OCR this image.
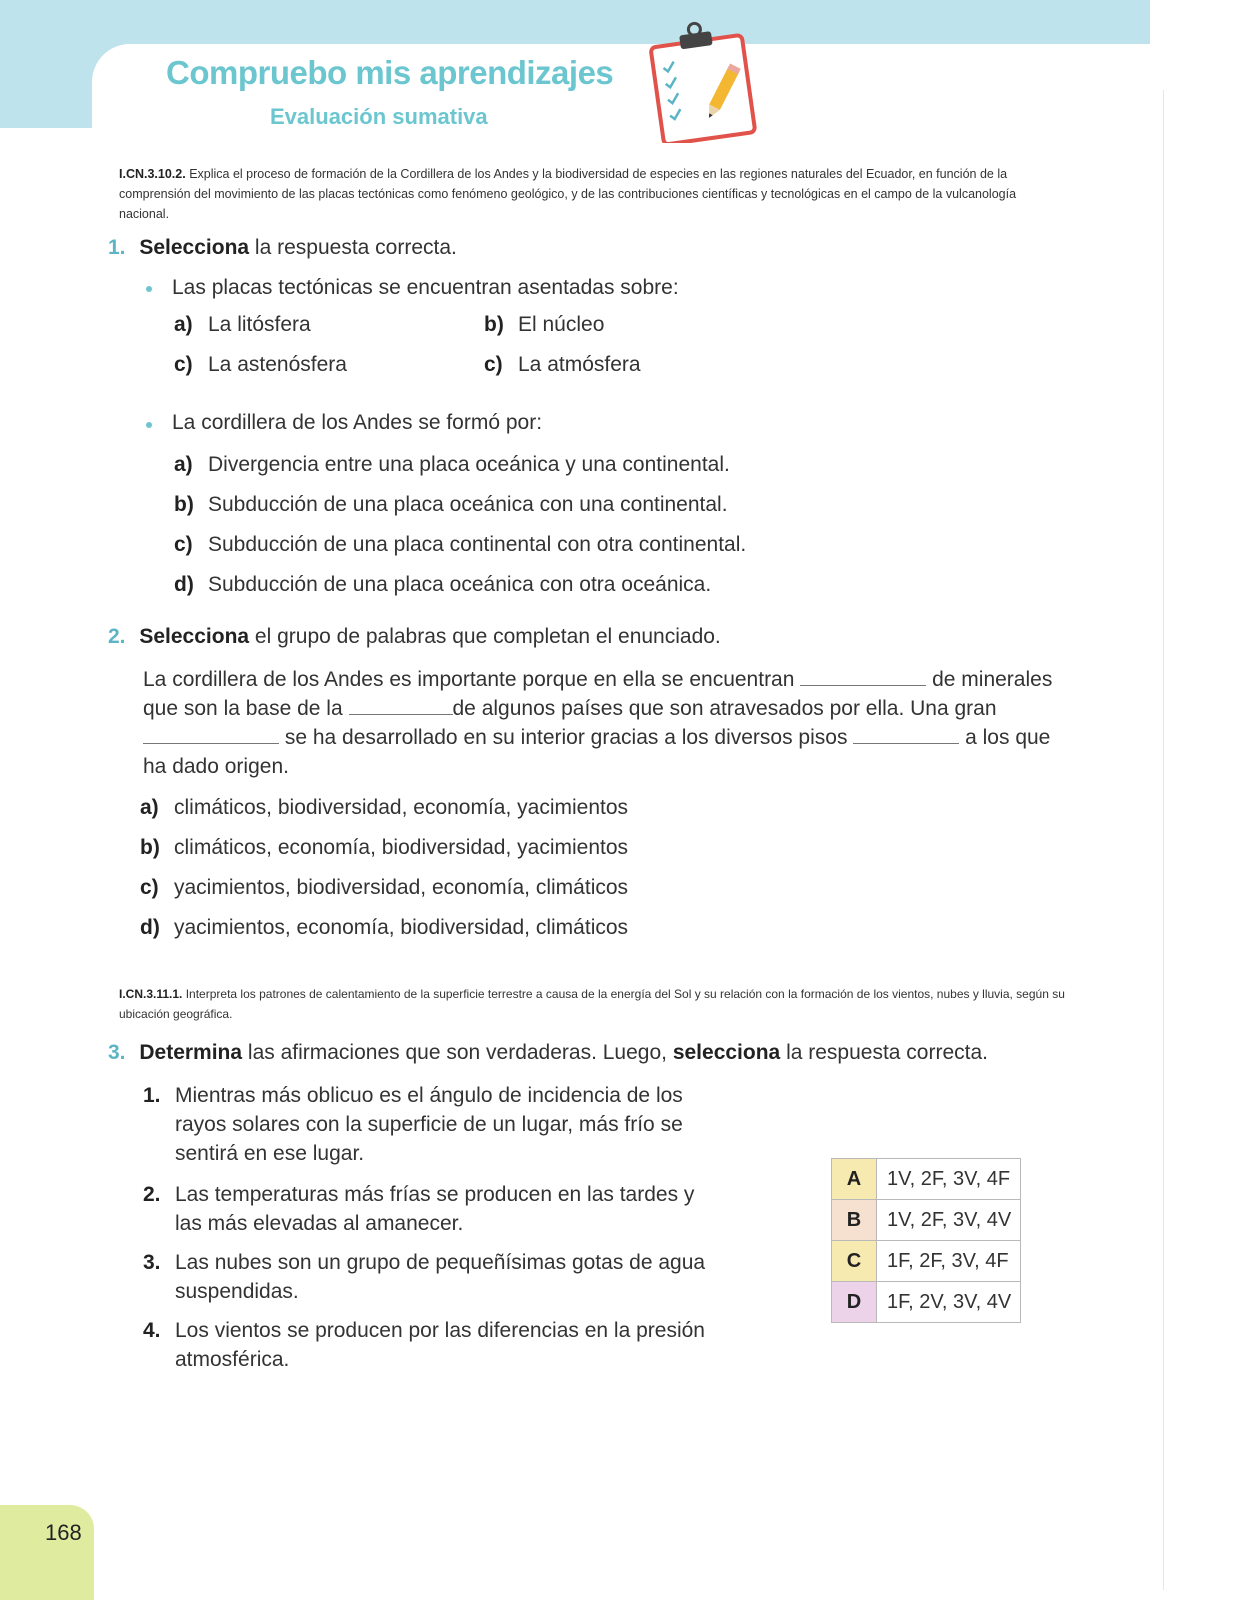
Compruebo mis aprendizajes
Evaluación sumativa
I.CN.3.10.2. Explica el proceso de formación de la Cordillera de los Andes y la biodiversidad de especies en las regiones naturales del Ecuador, en función de la comprensión del movimiento de las placas tectónicas como fenómeno geológico, y de las contribuciones científicas y tecnológicas en el campo de la vulcanología nacional.
1. Selecciona la respuesta correcta.
Las placas tectónicas se encuentran asentadas sobre:
a) La litósfera	b) El núcleo
c) La astenósfera	c) La atmósfera
La cordillera de los Andes se formó por:
a) Divergencia entre una placa oceánica y una continental.
b) Subducción de una placa oceánica con una continental.
c) Subducción de una placa continental con otra continental.
d) Subducción de una placa oceánica con otra oceánica.
2. Selecciona el grupo de palabras que completan el enunciado.
La cordillera de los Andes es importante porque en ella se encuentran	de minerales que son la base de la	de algunos países que son atravesados por ella. Una gran  se ha desarrollado en su interior gracias a los diversos pisos	a los que ha dado origen.
a) climáticos, biodiversidad, economía, yacimientos
b) climáticos, economía, biodiversidad, yacimientos
c) yacimientos, biodiversidad, economía, climáticos
d) yacimientos, economía, biodiversidad, climáticos
I.CN.3.11.1. Interpreta los patrones de calentamiento de la superficie terrestre a causa de la energía del Sol y su relación con la formación de los vientos, nubes y lluvia, según su ubicación geográfica.
3. Determina las afirmaciones que son verdaderas. Luego, selecciona la respuesta correcta.
1. Mientras más oblicuo es el ángulo de incidencia de los rayos solares con la superficie de un lugar, más frío se sentirá en ese lugar.
2. Las temperaturas más frías se producen en las tardes y las más elevadas al amanecer.
3. Las nubes son un grupo de pequeñísimas gotas de agua suspendidas.
4. Los vientos se producen por las diferencias en la presión atmosférica.
A	1V, 2F, 3V, 4F
B	1V, 2F, 3V, 4V
C	1F, 2F, 3V, 4F
D	1F, 2V, 3V, 4V
168
